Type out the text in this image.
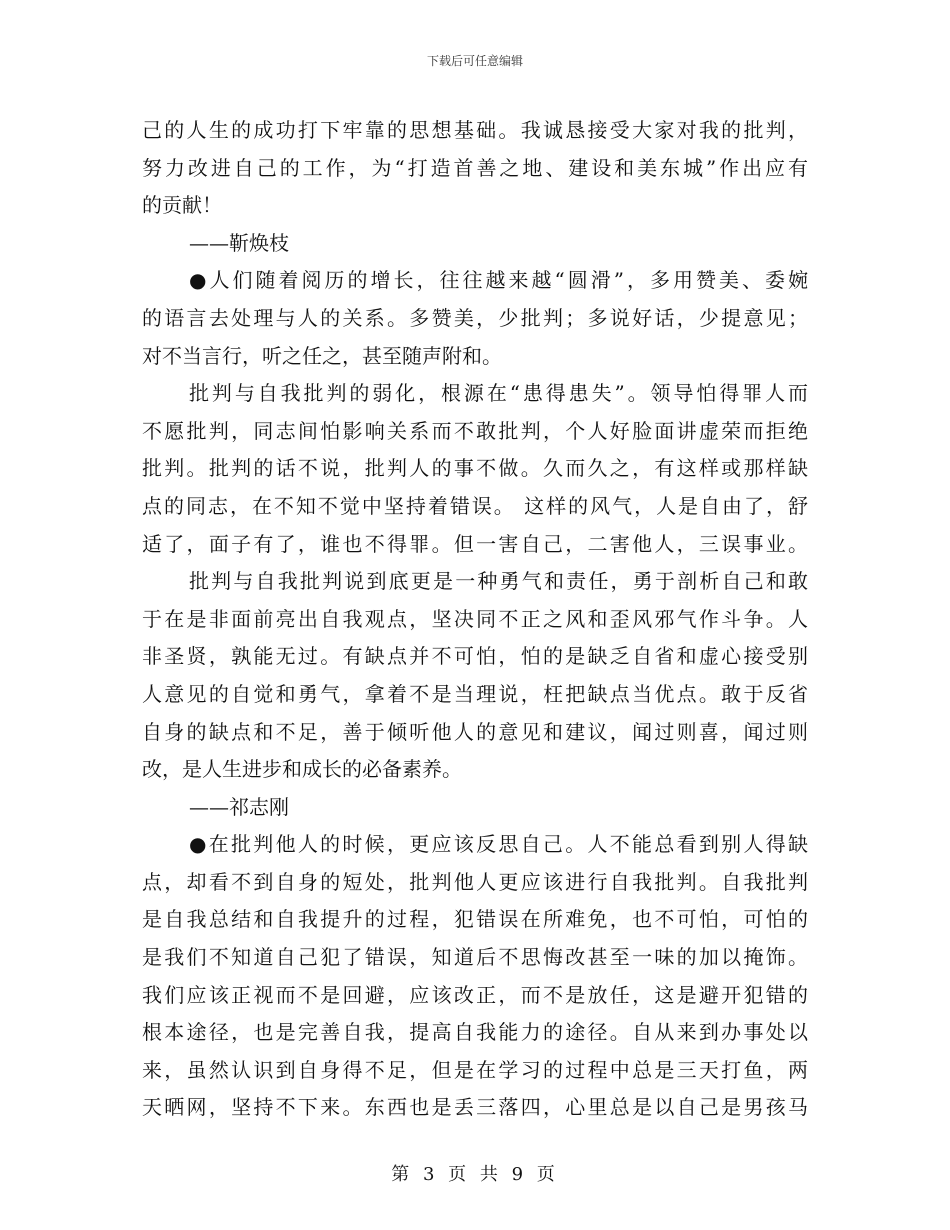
下载后可任意编辑
己的人生的成功打下牢靠的思想基础。我诚恳接受大家对我的批判，
努力改进自己的工作，为“打造首善之地、建设和美东城”作出应有
的贡献！
——靳焕枝
●人们随着阅历的增长，往往越来越“圆滑”，多用赞美、委婉
的语言去处理与人的关系。多赞美，少批判；多说好话，少提意见；
对不当言行，听之任之，甚至随声附和。
批判与自我批判的弱化，根源在“患得患失”。领导怕得罪人而
不愿批判，同志间怕影响关系而不敢批判，个人好脸面讲虚荣而拒绝
批判。批判的话不说，批判人的事不做。久而久之，有这样或那样缺
点的同志，在不知不觉中坚持着错误。 这样的风气，人是自由了，舒
适了，面子有了，谁也不得罪。但一害自己，二害他人，三误事业。
批判与自我批判说到底更是一种勇气和责任，勇于剖析自己和敢
于在是非面前亮出自我观点，坚决同不正之风和歪风邪气作斗争。人
非圣贤，孰能无过。有缺点并不可怕，怕的是缺乏自省和虚心接受别
人意见的自觉和勇气，拿着不是当理说，枉把缺点当优点。敢于反省
自身的缺点和不足，善于倾听他人的意见和建议，闻过则喜，闻过则
改，是人生进步和成长的必备素养。
——祁志刚
●在批判他人的时候，更应该反思自己。人不能总看到别人得缺
点，却看不到自身的短处，批判他人更应该进行自我批判。自我批判
是自我总结和自我提升的过程，犯错误在所难免，也不可怕，可怕的
是我们不知道自己犯了错误，知道后不思悔改甚至一味的加以掩饰。
我们应该正视而不是回避，应该改正，而不是放任，这是避开犯错的
根本途径，也是完善自我，提高自我能力的途径。自从来到办事处以
来，虽然认识到自身得不足，但是在学习的过程中总是三天打鱼，两
天晒网，坚持不下来。东西也是丢三落四，心里总是以自己是男孩马
第 3 页 共 9 页
